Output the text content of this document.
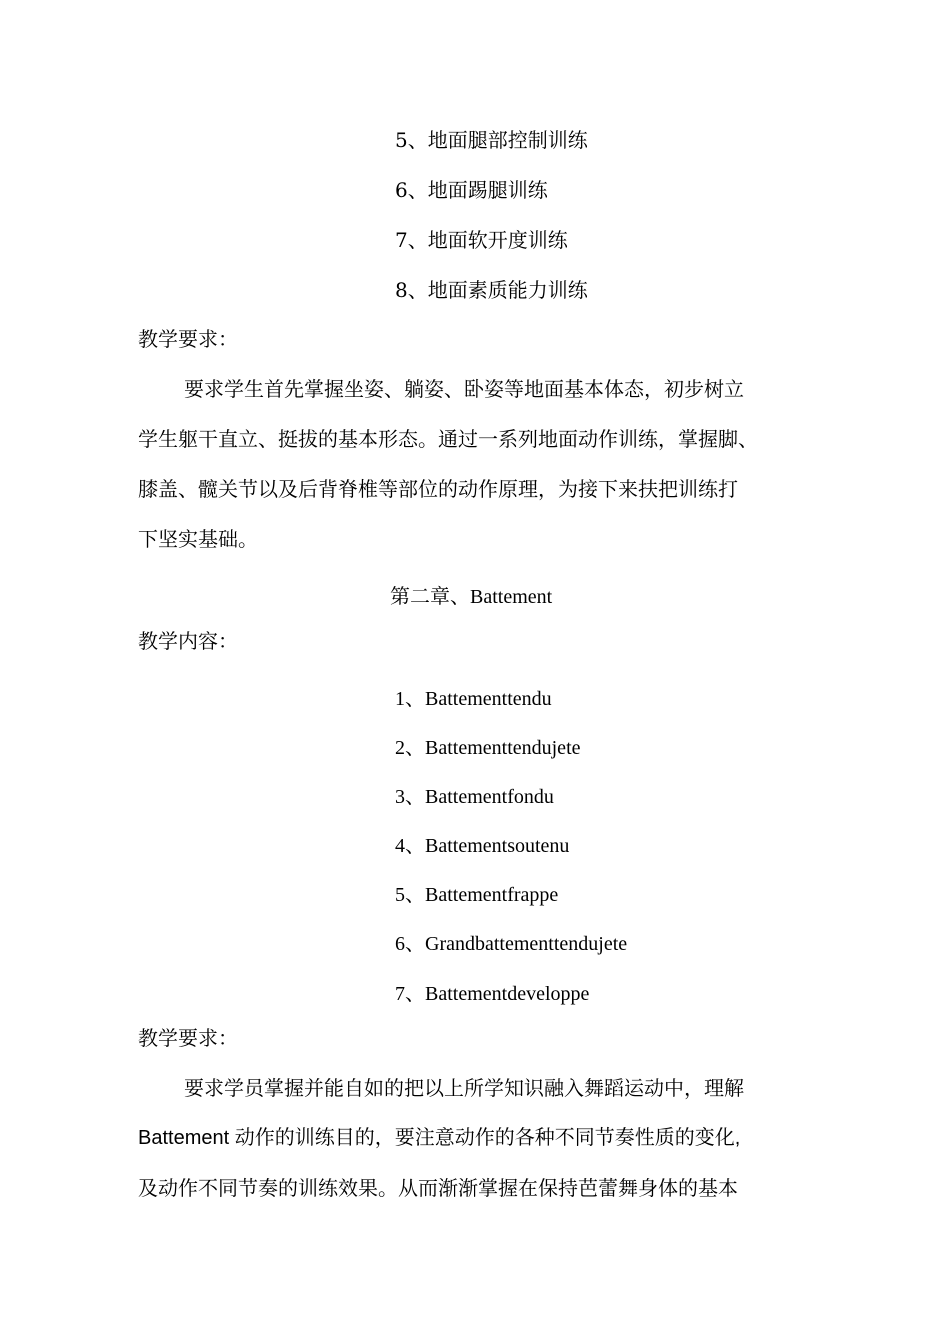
5、地面腿部控制训练
6、地面踢腿训练
7、地面软开度训练
8、地面素质能力训练
教学要求：
要求学生首先掌握坐姿、躺姿、卧姿等地面基本体态，初步树立
学生躯干直立、挺拔的基本形态。通过一系列地面动作训练，掌握脚、
膝盖、髋关节以及后背脊椎等部位的动作原理，为接下来扶把训练打
下坚实基础。
第二章、Battement
教学内容：
1、Battementtendu
2、Battementtendujete
3、Battementfondu
4、Battementsoutenu
5、Battementfrappe
6、Grandbattementtendujete
7、Battementdeveloppe
教学要求：
要求学员掌握并能自如的把以上所学知识融入舞蹈运动中，理解
Battement 动作的训练目的，要注意动作的各种不同节奏性质的变化,
及动作不同节奏的训练效果。从而渐渐掌握在保持芭蕾舞身体的基本
